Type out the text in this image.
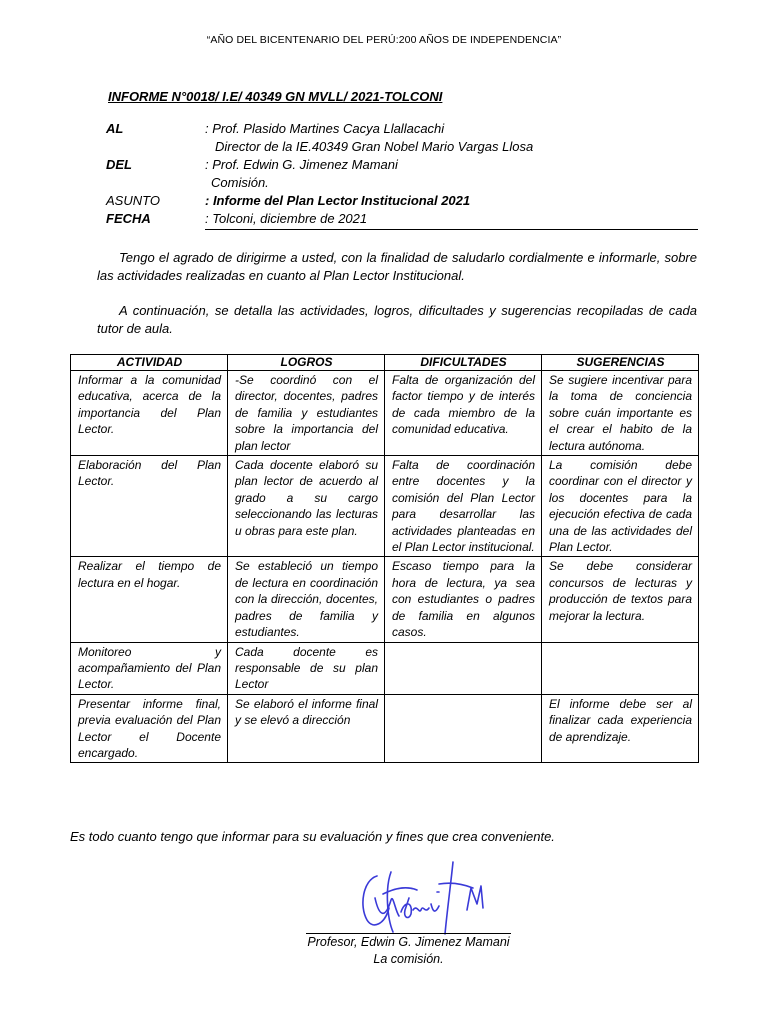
“AÑO DEL BICENTENARIO DEL PERÚ:200 AÑOS DE INDEPENDENCIA”
INFORME N°0018/ I.E/ 40349 GN MVLL/ 2021-TOLCONI
AL	: Prof. Plasido Martines Cacya Llallacachi
Director de la IE.40349 Gran Nobel Mario Vargas Llosa
DEL	: Prof. Edwin G. Jimenez Mamani
Comisión.
ASUNTO	: Informe del Plan Lector Institucional 2021
FECHA	: Tolconi, diciembre de 2021

Tengo el agrado de dirigirme a usted, con la finalidad de saludarlo cordialmente e informarle, sobre las actividades realizadas en cuanto al Plan Lector Institucional.

A continuación, se detalla las actividades, logros, dificultades y sugerencias recopiladas de cada tutor de aula.

ACTIVIDAD	LOGROS	DIFICULTADES	SUGERENCIAS
Informar a la comunidad educativa, acerca de la importancia del Plan Lector.	-Se coordinó con el director, docentes, padres de familia y estudiantes sobre la importancia del plan lector	Falta de organización del factor tiempo y de interés de cada miembro de la comunidad educativa.	Se sugiere incentivar para la toma de conciencia sobre cuán importante es el crear el habito de la lectura autónoma.
Elaboración del Plan Lector.	Cada docente elaboró su plan lector de acuerdo al grado a su cargo seleccionando las lecturas u obras para este plan.	Falta de coordinación entre docentes y la comisión del Plan Lector para desarrollar las actividades planteadas en el Plan Lector institucional.	La comisión debe coordinar con el director y los docentes para la ejecución efectiva de cada una de las actividades del Plan Lector.
Realizar el tiempo de lectura en el hogar.	Se estableció un tiempo de lectura en coordinación con la dirección, docentes, padres de familia y estudiantes.	Escaso tiempo para la hora de lectura, ya sea con estudiantes o padres de familia en algunos casos.	Se debe considerar concursos de lecturas y producción de textos para mejorar la lectura.
Monitoreo y acompañamiento del Plan Lector.	Cada docente es responsable de su plan Lector		
Presentar informe final, previa evaluación del Plan Lector el Docente encargado.	Se elaboró el informe final y se elevó a dirección		El informe debe ser al finalizar cada experiencia de aprendizaje.
Es todo cuanto tengo que informar para su evaluación y fines que crea conveniente.
Profesor, Edwin G. Jimenez Mamani
La comisión.
